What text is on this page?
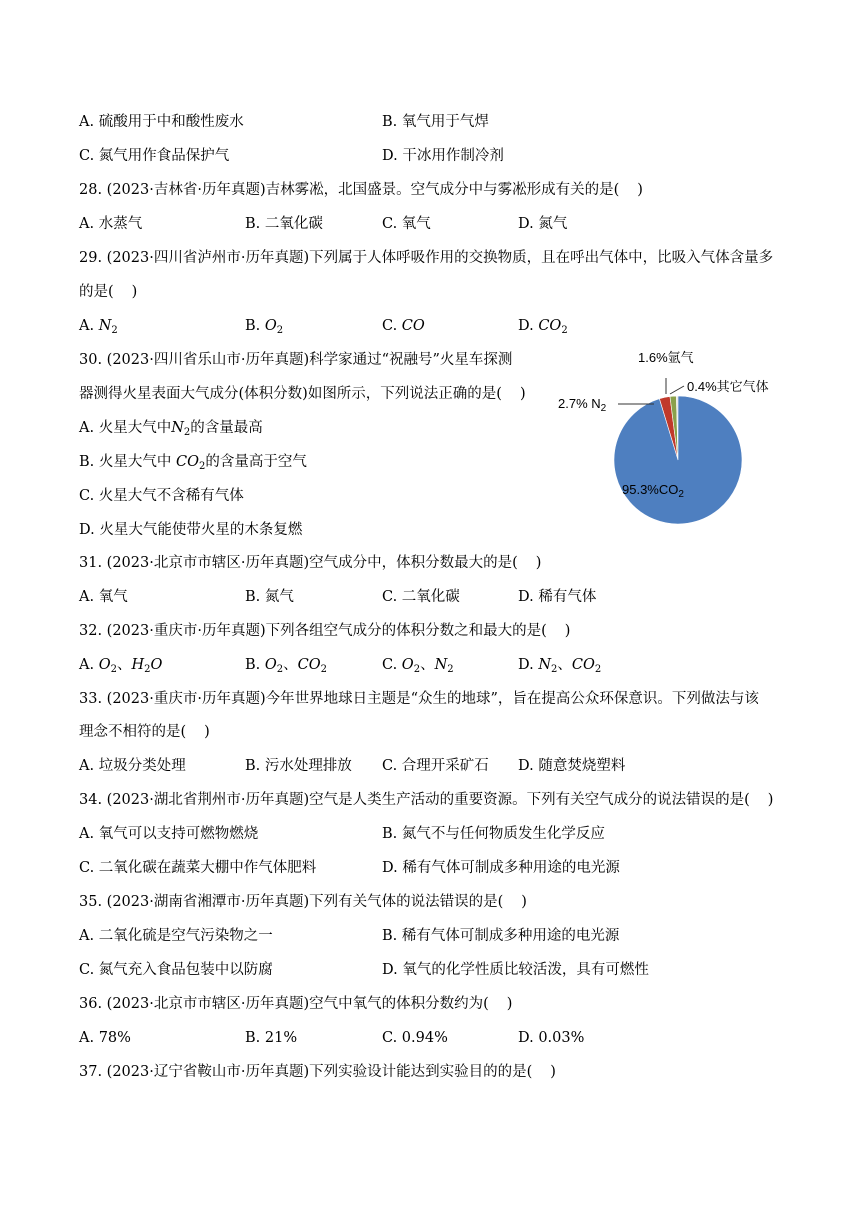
A. 硫酸用于中和酸性废水	B. 氧气用于气焊
C. 氮气用作食品保护气	D. 干冰用作制冷剂
28. (2023·吉林省·历年真题)吉林雾凇，北国盛景。空气成分中与雾凇形成有关的是( )
A. 水蒸气	B. 二氧化碳	C. 氧气	D. 氮气
29. (2023·四川省泸州市·历年真题)下列属于人体呼吸作用的交换物质，且在呼出气体中，比吸入气体含量多
的是( )
A. $N_2$	B. $O_2$	C. CO	D. $CO_2$
30. (2023·四川省乐山市·历年真题)科学家通过“祝融号”火星车探测
器测得火星表面大气成分(体积分数)如图所示，下列说法正确的是( )
A. 火星大气中$N_2$的含量最高
B. 火星大气中 $CO_2$的含量高于空气
C. 火星大气不含稀有气体
D. 火星大气能使带火星的木条复燃
1.6%氩气
0.4%其它气体
2.7% $N_2$
$95.3\%CO_2$
31. (2023·北京市市辖区·历年真题)空气成分中，体积分数最大的是( )
A. 氧气	B. 氮气	C. 二氧化碳	D. 稀有气体
32. (2023·重庆市·历年真题)下列各组空气成分的体积分数之和最大的是( )
A. $O_2$、$H_2O$	B. $O_2$、$CO_2$	C. $O_2$、$N_2$	D. $N_2$、$CO_2$
33. (2023·重庆市·历年真题)今年世界地球日主题是“众生的地球”，旨在提高公众环保意识。下列做法与该
理念不相符的是( )
A. 垃圾分类处理	B. 污水处理排放 C. 合理开采矿石 D. 随意焚烧塑料
34. (2023·湖北省荆州市·历年真题)空气是人类生产活动的重要资源。下列有关空气成分的说法错误的是( )
A. 氧气可以支持可燃物燃烧	B. 氮气不与任何物质发生化学反应
C. 二氧化碳在蔬菜大棚中作气体肥料	D. 稀有气体可制成多种用途的电光源
35. (2023·湖南省湘潭市·历年真题)下列有关气体的说法错误的是( )
A. 二氧化硫是空气污染物之一	B. 稀有气体可制成多种用途的电光源
C. 氮气充入食品包装中以防腐	D. 氧气的化学性质比较活泼，具有可燃性
36. (2023·北京市市辖区·历年真题)空气中氧气的体积分数约为( )
A. 78%	B. 21%	C. 0.94%	D. 0.03%
37. (2023·辽宁省鞍山市·历年真题)下列实验设计能达到实验目的的是( )
